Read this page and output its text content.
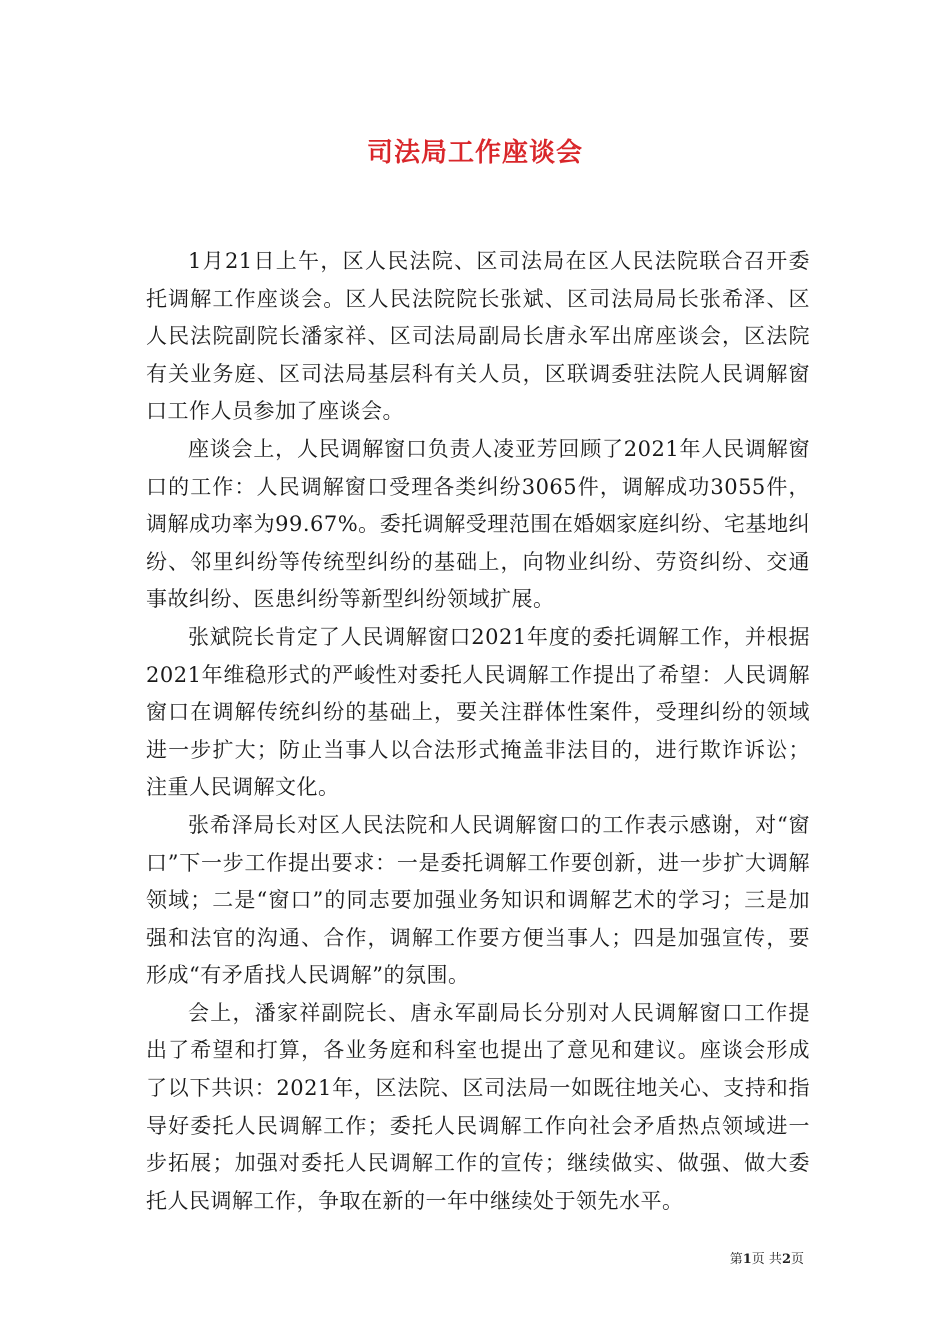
司法局工作座谈会

1月21日上午，区人民法院、区司法局在区人民法院联合召开委托调解工作座谈会。区人民法院院长张斌、区司法局局长张希泽、区人民法院副院长潘家祥、区司法局副局长唐永军出席座谈会，区法院有关业务庭、区司法局基层科有关人员，区联调委驻法院人民调解窗口工作人员参加了座谈会。

座谈会上，人民调解窗口负责人凌亚芳回顾了2021年人民调解窗口的工作：人民调解窗口受理各类纠纷3065件，调解成功3055件，调解成功率为99.67%。委托调解受理范围在婚姻家庭纠纷、宅基地纠纷、邻里纠纷等传统型纠纷的基础上，向物业纠纷、劳资纠纷、交通事故纠纷、医患纠纷等新型纠纷领域扩展。

张斌院长肯定了人民调解窗口2021年度的委托调解工作，并根据2021年维稳形式的严峻性对委托人民调解工作提出了希望：人民调解窗口在调解传统纠纷的基础上，要关注群体性案件，受理纠纷的领域进一步扩大；防止当事人以合法形式掩盖非法目的，进行欺诈诉讼；注重人民调解文化。

张希泽局长对区人民法院和人民调解窗口的工作表示感谢，对“窗口”下一步工作提出要求：一是委托调解工作要创新，进一步扩大调解领域；二是“窗口”的同志要加强业务知识和调解艺术的学习；三是加强和法官的沟通、合作，调解工作要方便当事人；四是加强宣传，要形成“有矛盾找人民调解”的氛围。

会上，潘家祥副院长、唐永军副局长分别对人民调解窗口工作提出了希望和打算，各业务庭和科室也提出了意见和建议。座谈会形成了以下共识：2021年，区法院、区司法局一如既往地关心、支持和指导好委托人民调解工作；委托人民调解工作向社会矛盾热点领域进一步拓展；加强对委托人民调解工作的宣传；继续做实、做强、做大委托人民调解工作，争取在新的一年中继续处于领先水平。

第1页 共2页
